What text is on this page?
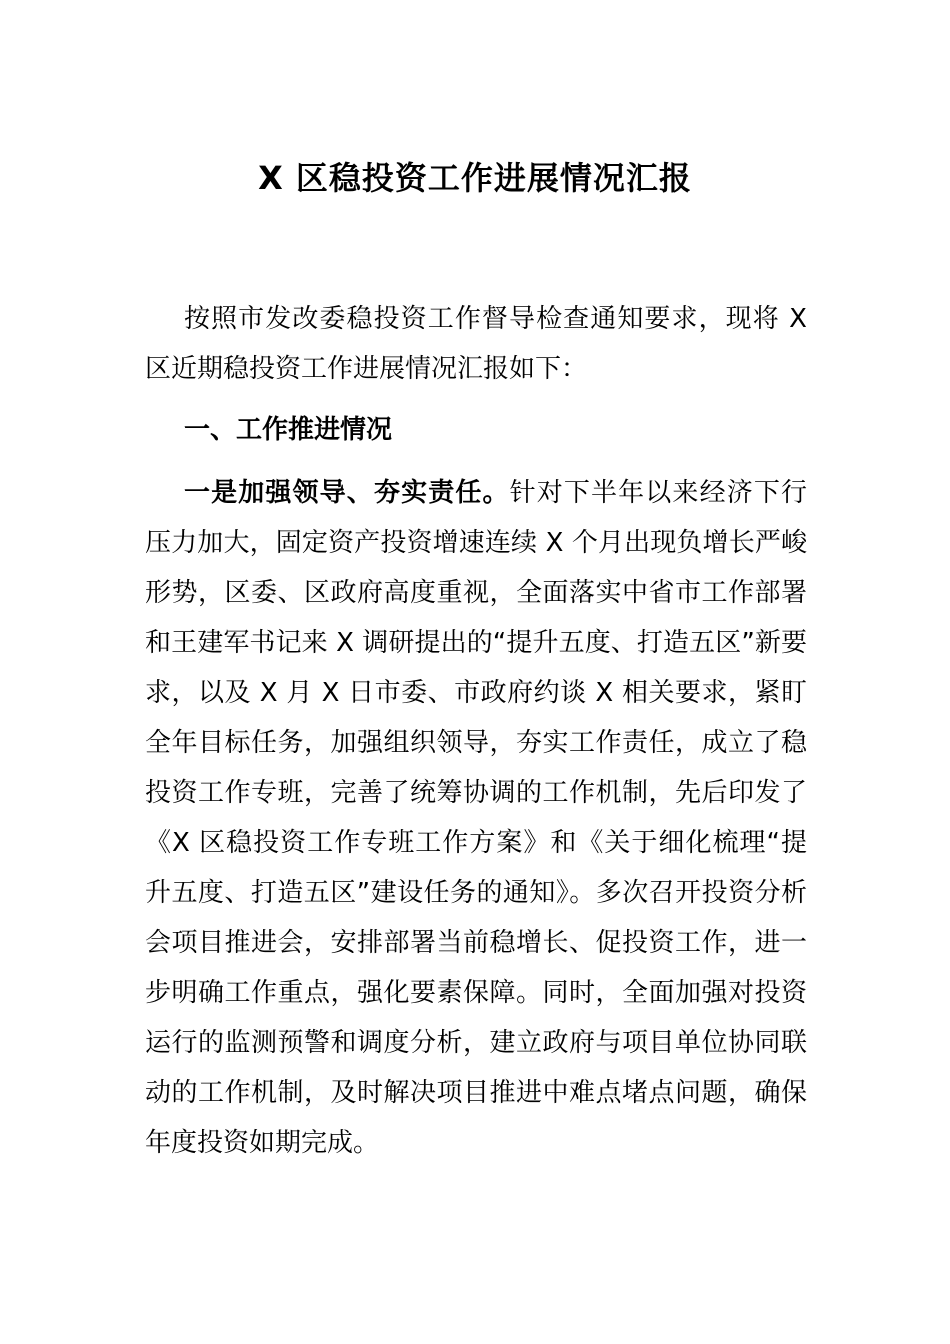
X 区稳投资工作进展情况汇报

按照市发改委稳投资工作督导检查通知要求，现将 X 区近期稳投资工作进展情况汇报如下：

一、工作推进情况

一是加强领导、夯实责任。针对下半年以来经济下行压力加大，固定资产投资增速连续 X 个月出现负增长严峻形势，区委、区政府高度重视，全面落实中省市工作部署和王建军书记来 X 调研提出的“提升五度、打造五区”新要求，以及 X 月 X 日市委、市政府约谈 X 相关要求，紧盯全年目标任务，加强组织领导，夯实工作责任，成立了稳投资工作专班，完善了统筹协调的工作机制，先后印发了《X 区稳投资工作专班工作方案》和《关于细化梳理“提升五度、打造五区”建设任务的通知》。多次召开投资分析会项目推进会，安排部署当前稳增长、促投资工作，进一步明确工作重点，强化要素保障。同时，全面加强对投资运行的监测预警和调度分析，建立政府与项目单位协同联动的工作机制，及时解决项目推进中难点堵点问题，确保年度投资如期完成。
